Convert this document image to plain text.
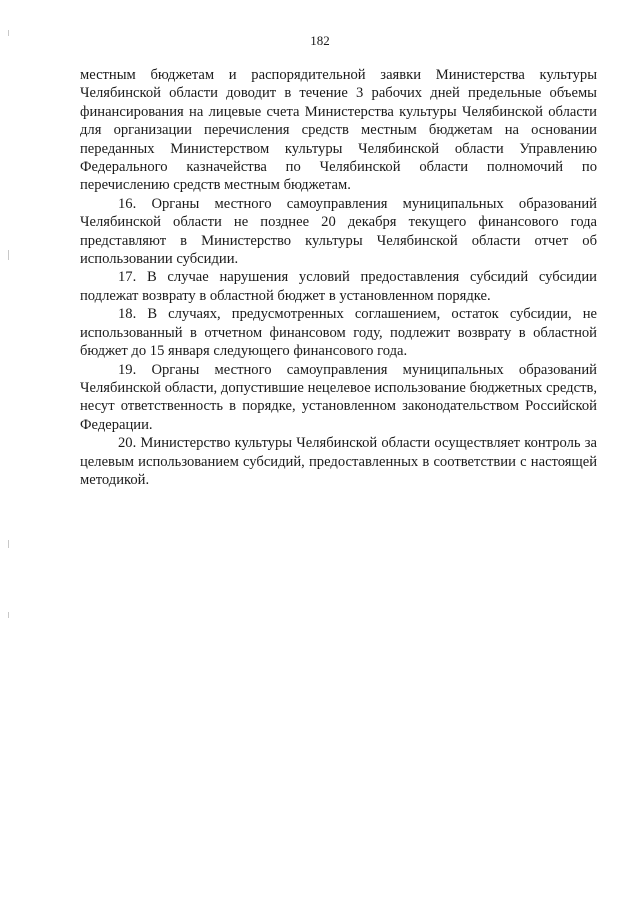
182

местным бюджетам и распорядительной заявки Министерства культуры Челябинской области доводит в течение 3 рабочих дней предельные объемы финансирования на лицевые счета Министерства культуры Челябинской области для организации перечисления средств местным бюджетам на основании переданных Министерством культуры Челябинской области Управлению Федерального казначейства по Челябинской области полномочий по перечислению средств местным бюджетам.

16. Органы местного самоуправления муниципальных образований Челябинской области не позднее 20 декабря текущего финансового года представляют в Министерство культуры Челябинской области отчет об использовании субсидии.

17. В случае нарушения условий предоставления субсидий субсидии подлежат возврату в областной бюджет в установленном порядке.

18. В случаях, предусмотренных соглашением, остаток субсидии, не использованный в отчетном финансовом году, подлежит возврату в областной бюджет до 15 января следующего финансового года.

19. Органы местного самоуправления муниципальных образований Челябинской области, допустившие нецелевое использование бюджетных средств, несут ответственность в порядке, установленном законодательством Российской Федерации.

20. Министерство культуры Челябинской области осуществляет контроль за целевым использованием субсидий, предоставленных в соответствии с настоящей методикой.
